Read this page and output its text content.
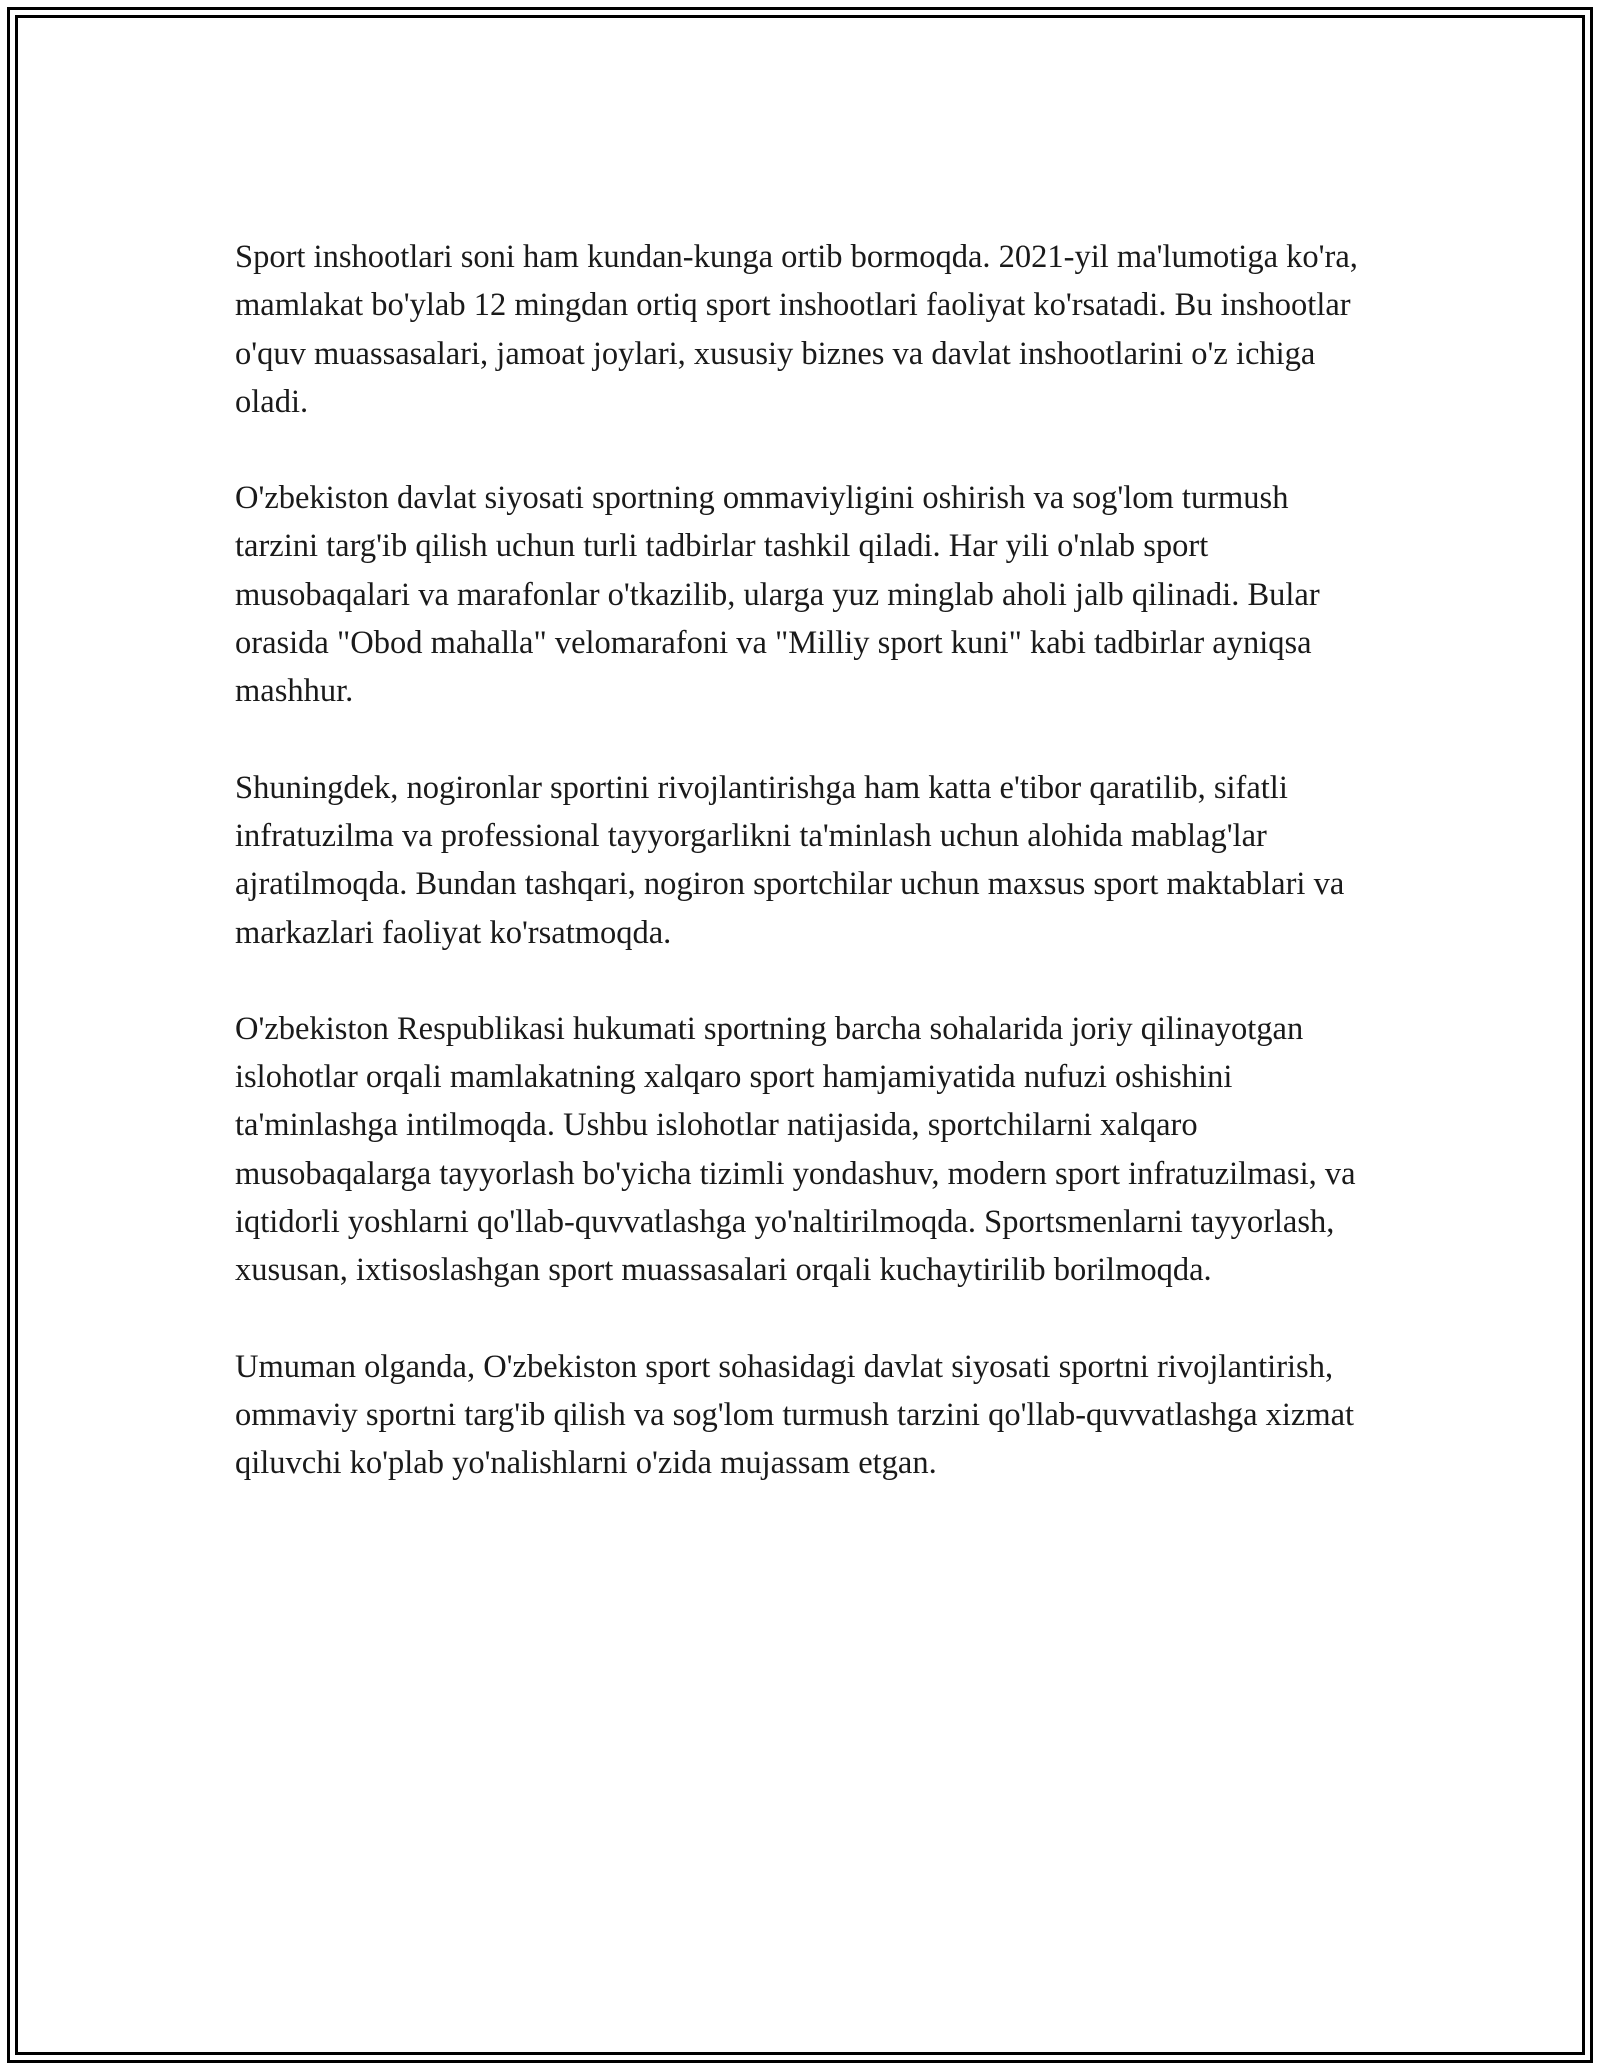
Sport inshootlari soni ham kundan-kunga ortib bormoqda. 2021-yil ma'lumotiga ko'ra, mamlakat bo'ylab 12 mingdan ortiq sport inshootlari faoliyat ko'rsatadi. Bu inshootlar o'quv muassasalari, jamoat joylari, xususiy biznes va davlat inshootlarini o'z ichiga oladi.

O'zbekiston davlat siyosati sportning ommaviyligini oshirish va sog'lom turmush tarzini targ'ib qilish uchun turli tadbirlar tashkil qiladi. Har yili o'nlab sport musobaqalari va marafonlar o'tkazilib, ularga yuz minglab aholi jalb qilinadi. Bular orasida "Obod mahalla" velomarafoni va "Milliy sport kuni" kabi tadbirlar ayniqsa mashhur.

Shuningdek, nogironlar sportini rivojlantirishga ham katta e'tibor qaratilib, sifatli infratuzilma va professional tayyorgarlikni ta'minlash uchun alohida mablag'lar ajratilmoqda. Bundan tashqari, nogiron sportchilar uchun maxsus sport maktablari va markazlari faoliyat ko'rsatmoqda.

O'zbekiston Respublikasi hukumati sportning barcha sohalarida joriy qilinayotgan islohotlar orqali mamlakatning xalqaro sport hamjamiyatida nufuzi oshishini ta'minlashga intilmoqda. Ushbu islohotlar natijasida, sportchilarni xalqaro musobaqalarga tayyorlash bo'yicha tizimli yondashuv, modern sport infratuzilmasi, va iqtidorli yoshlarni qo'llab-quvvatlashga yo'naltirilmoqda. Sportsmenlarni tayyorlash, xususan, ixtisoslashgan sport muassasalari orqali kuchaytirilib borilmoqda.

Umuman olganda, O'zbekiston sport sohasidagi davlat siyosati sportni rivojlantirish, ommaviy sportni targ'ib qilish va sog'lom turmush tarzini qo'llab-quvvatlashga xizmat qiluvchi ko'plab yo'nalishlarni o'zida mujassam etgan.
